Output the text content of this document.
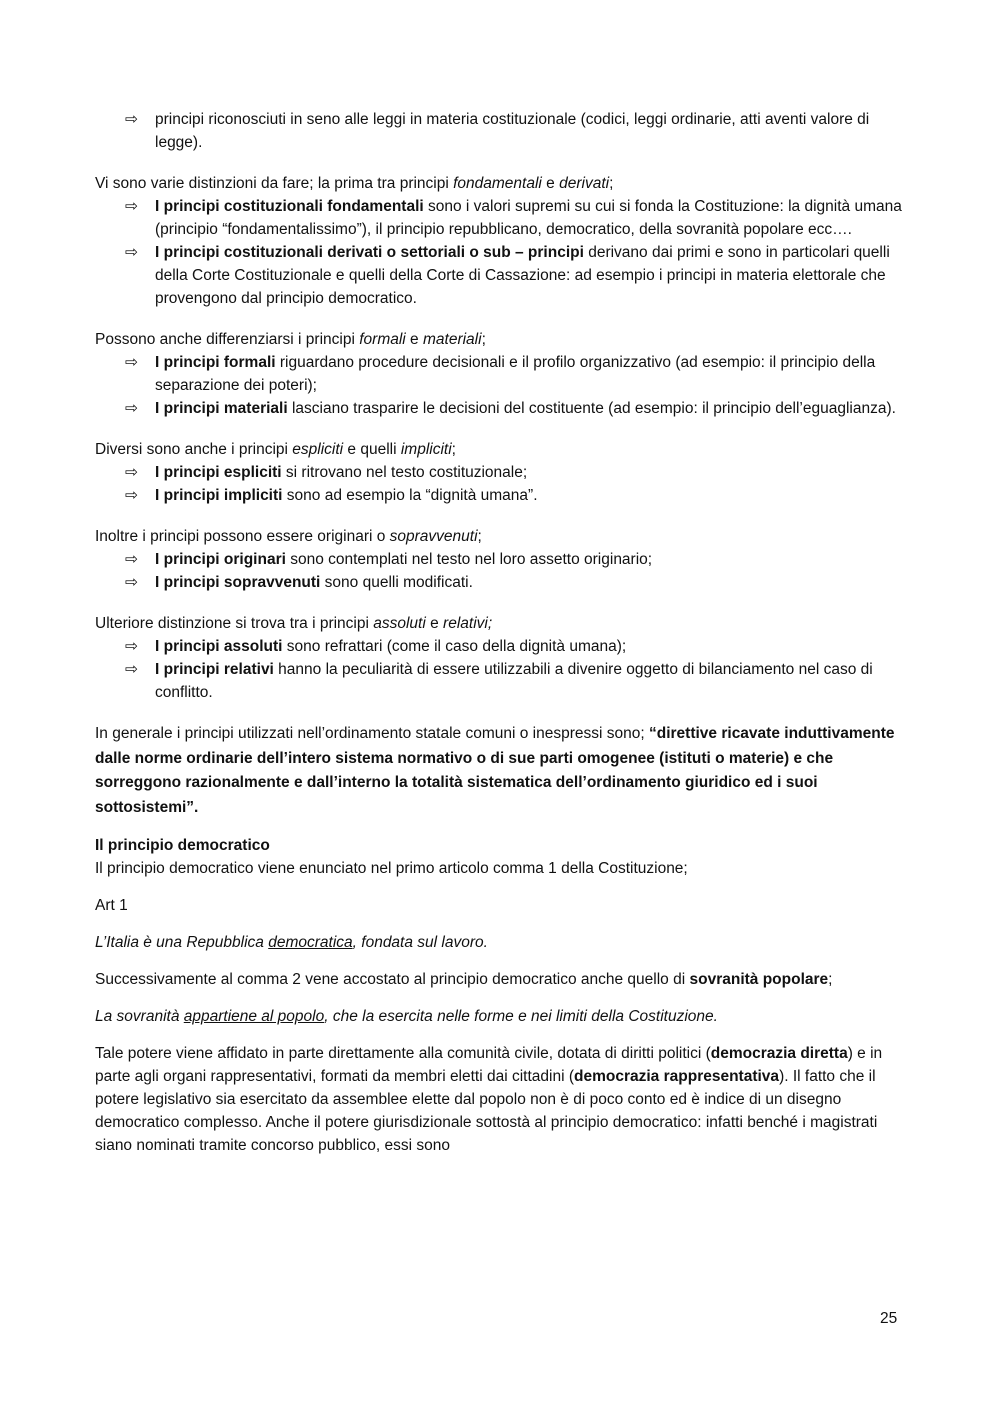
⇨ principi riconosciuti in seno alle leggi in materia costituzionale (codici, leggi ordinarie, atti aventi valore di legge).

Vi sono varie distinzioni da fare; la prima tra principi fondamentali e derivati;

⇨ I principi costituzionali fondamentali sono i valori supremi su cui si fonda la Costituzione: la dignità umana (principio “fondamentalissimo”), il principio repubblicano, democratico, della sovranità popolare ecc….
⇨ I principi costituzionali derivati o settoriali o sub – principi derivano dai primi e sono in particolari quelli della Corte Costituzionale e quelli della Corte di Cassazione: ad esempio i principi in materia elettorale che provengono dal principio democratico.

Possono anche differenziarsi i principi formali e materiali;

⇨ I principi formali riguardano procedure decisionali e il profilo organizzativo (ad esempio: il principio della separazione dei poteri);
⇨ I principi materiali lasciano trasparire le decisioni del costituente (ad esempio: il principio dell’eguaglianza).

Diversi sono anche i principi espliciti e quelli impliciti;

⇨ I principi espliciti si ritrovano nel testo costituzionale;
⇨ I principi impliciti sono ad esempio la “dignità umana”.

Inoltre i principi possono essere originari o sopravvenuti;

⇨ I principi originari sono contemplati nel testo nel loro assetto originario;
⇨ I principi sopravvenuti sono quelli modificati.

Ulteriore distinzione si trova tra i principi assoluti e relativi;

⇨ I principi assoluti sono refrattari (come il caso della dignità umana);
⇨ I principi relativi hanno la peculiarità di essere utilizzabili a divenire oggetto di bilanciamento nel caso di conflitto.

In generale i principi utilizzati nell’ordinamento statale comuni o inespressi sono; “direttive ricavate induttivamente dalle norme ordinarie dell’intero sistema normativo o di sue parti omogenee (istituti o materie) e che sorreggono razionalmente e dall’interno la totalità sistematica dell’ordinamento giuridico ed i suoi sottosistemi”.

Il principio democratico

Il principio democratico viene enunciato nel primo articolo comma 1 della Costituzione;

Art 1

L’Italia è una Repubblica democratica, fondata sul lavoro.

Successivamente al comma 2 vene accostato al principio democratico anche quello di sovranità popolare;

La sovranità appartiene al popolo, che la esercita nelle forme e nei limiti della Costituzione.

Tale potere viene affidato in parte direttamente alla comunità civile, dotata di diritti politici (democrazia diretta) e in parte agli organi rappresentativi, formati da membri eletti dai cittadini (democrazia rappresentativa). Il fatto che il potere legislativo sia esercitato da assemblee elette dal popolo non è di poco conto ed è indice di un disegno democratico complesso. Anche il potere giurisdizionale sottostà al principio democratico: infatti benché i magistrati siano nominati tramite concorso pubblico, essi sono

25
